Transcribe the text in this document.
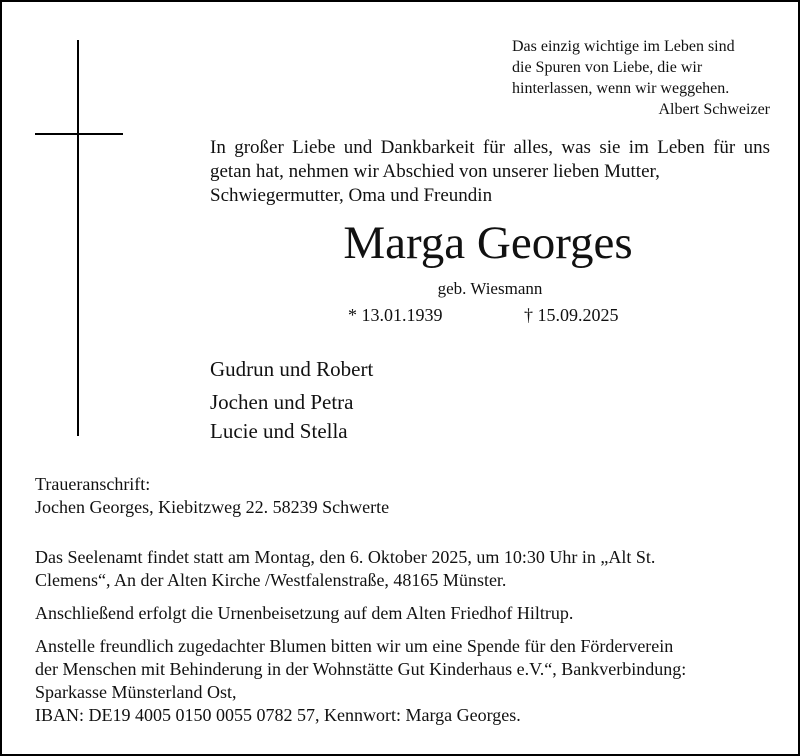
Das einzig wichtige im Leben sind
die Spuren von Liebe, die wir
hinterlassen, wenn wir weggehen.
Albert Schweizer
In großer Liebe und Dankbarkeit für alles, was sie im Leben für uns getan hat, nehmen wir Abschied von unserer lieben Mutter,
Schwiegermutter, Oma und Freundin
Marga Georges
geb. Wiesmann
* 13.01.1939	† 15.09.2025
Gudrun und Robert
Jochen und Petra
Lucie und Stella
Traueranschrift:
Jochen Georges, Kiebitzweg 22. 58239 Schwerte

Das Seelenamt findet statt am Montag, den 6. Oktober 2025, um 10:30 Uhr in „Alt St.
Clemens“, An der Alten Kirche /Westfalenstraße, 48165 Münster.

Anschließend erfolgt die Urnenbeisetzung auf dem Alten Friedhof Hiltrup.

Anstelle freundlich zugedachter Blumen bitten wir um eine Spende für den Förderverein
der Menschen mit Behinderung in der Wohnstätte Gut Kinderhaus e.V.“, Bankverbindung:
Sparkasse Münsterland Ost,
IBAN: DE19 4005 0150 0055 0782 57, Kennwort: Marga Georges.
